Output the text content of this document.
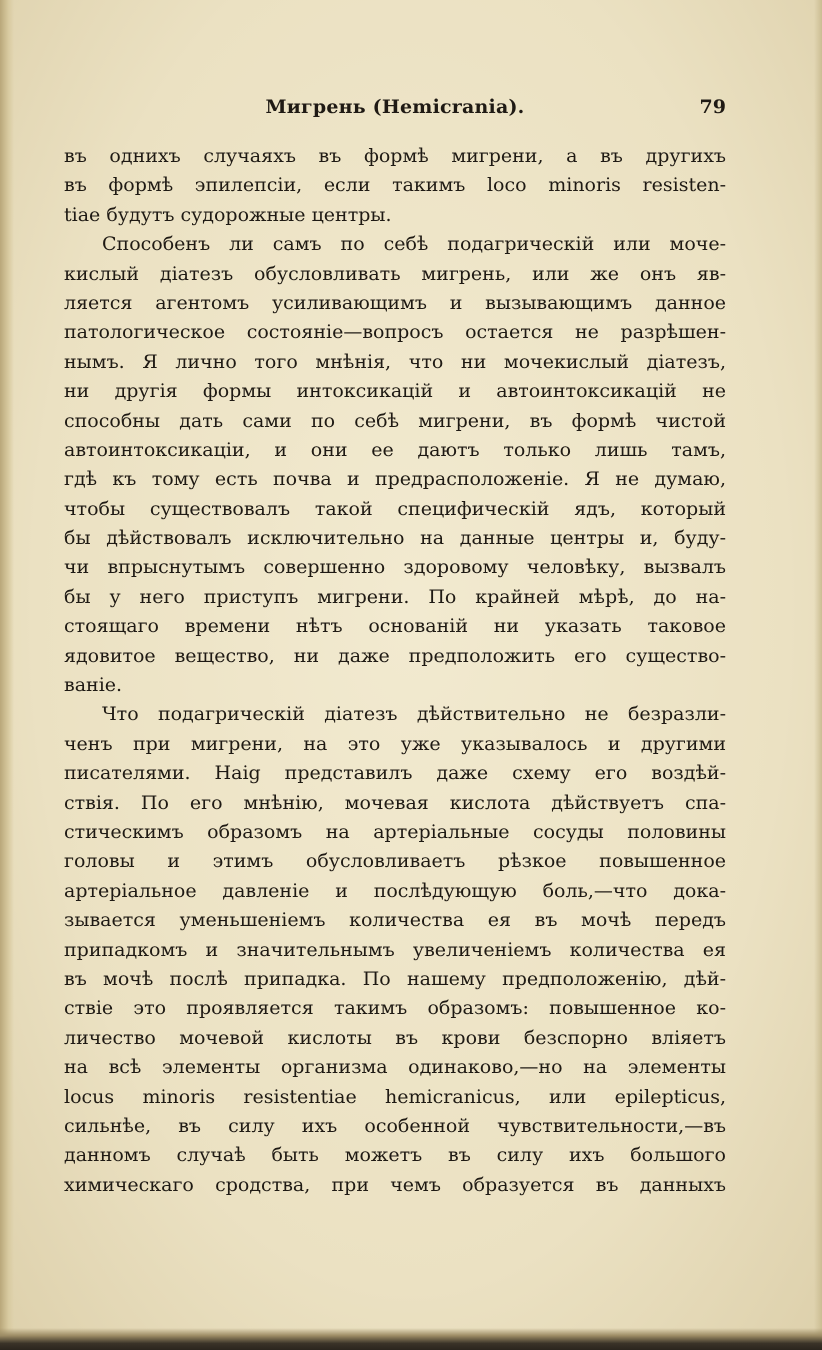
Мигрень (Hemicrania).	79
въ однихъ случаяхъ въ формѣ мигрени, а въ другихъ
въ формѣ эпилепсіи, если такимъ loco minoris resisten-
tiae будутъ судорожные центры.
Способенъ ли самъ по себѣ подагрическій или моче-
кислый діатезъ обусловливать мигрень, или же онъ яв-
ляется агентомъ усиливающимъ и вызывающимъ данное
патологическое состояніе—вопросъ остается не разрѣшен-
нымъ. Я лично того мнѣнія, что ни мочекислый діатезъ,
ни другія формы интоксикацій и автоинтоксикацій не
способны дать сами по себѣ мигрени, въ формѣ чистой
автоинтоксикаціи, и они ее даютъ только лишь тамъ,
гдѣ къ тому есть почва и предрасположеніе. Я не думаю,
чтобы существовалъ такой специфическій ядъ, который
бы дѣйствовалъ исключительно на данные центры и, буду-
чи впрыснутымъ совершенно здоровому человѣку, вызвалъ
бы у него приступъ мигрени. По крайней мѣрѣ, до на-
стоящаго времени нѣтъ основаній ни указать таковое
ядовитое вещество, ни даже предположить его существо-
ваніе.
Что подагрическій діатезъ дѣйствительно не безразли-
ченъ при мигрени, на это уже указывалось и другими
писателями. Haig представилъ даже схему его воздѣй-
ствія. По его мнѣнію, мочевая кислота дѣйствуетъ спа-
стическимъ образомъ на артеріальные сосуды половины
головы и этимъ обусловливаетъ рѣзкое повышенное
артеріальное давленіе и послѣдующую боль,—что дока-
зывается уменьшеніемъ количества ея въ мочѣ передъ
припадкомъ и значительнымъ увеличеніемъ количества ея
въ мочѣ послѣ припадка. По нашему предположенію, дѣй-
ствіе это проявляется такимъ образомъ: повышенное ко-
личество мочевой кислоты въ крови безспорно вліяетъ
на всѣ элементы организма одинаково,—но на элементы
locus minoris resistentiae hemicranicus, или epilepticus,
сильнѣе, въ силу ихъ особенной чувствительности,—въ
данномъ случаѣ быть можетъ въ силу ихъ большого
химическаго сродства, при чемъ образуется въ данныхъ
